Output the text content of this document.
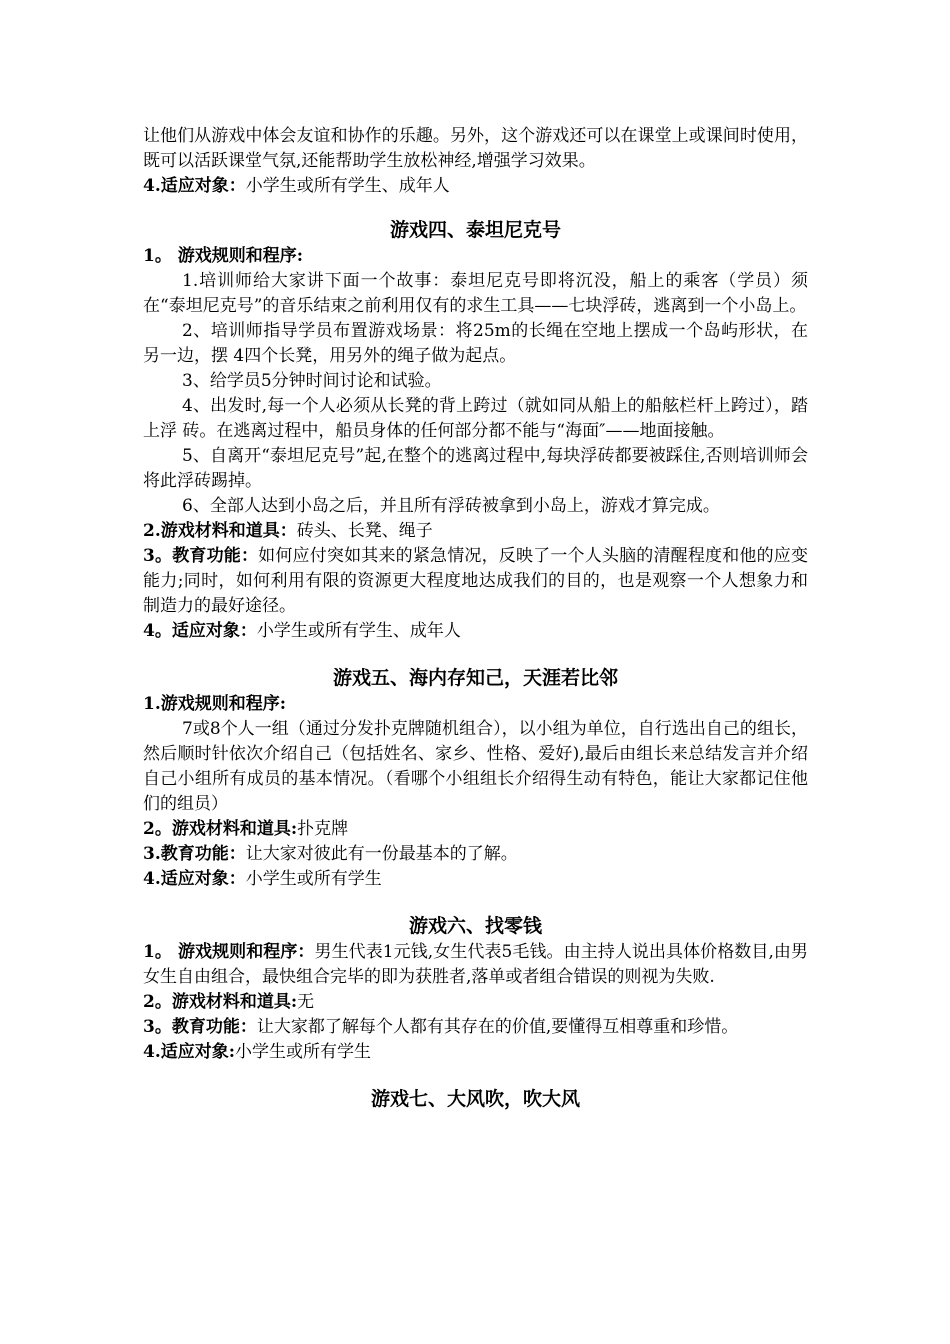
让他们从游戏中体会友谊和协作的乐趣。另外，这个游戏还可以在课堂上或课间时使用，既可以活跃课堂气氛,还能帮助学生放松神经,增强学习效果。

4.适应对象：小学生或所有学生、成年人

游戏四、泰坦尼克号

1。 游戏规则和程序:

1.培训师给大家讲下面一个故事：泰坦尼克号即将沉没，船上的乘客（学员）须在“泰坦尼克号”的音乐结束之前利用仅有的求生工具——七块浮砖，逃离到一个小岛上。

2、培训师指导学员布置游戏场景：将25m的长绳在空地上摆成一个岛屿形状，在另一边，摆 4四个长凳，用另外的绳子做为起点。

3、给学员5分钟时间讨论和试验。

4、出发时,每一个人必须从长凳的背上跨过（就如同从船上的船舷栏杆上跨过），踏上浮 砖。在逃离过程中，船员身体的任何部分都不能与“海面″——地面接触。

5、自离开“泰坦尼克号”起,在整个的逃离过程中,每块浮砖都要被踩住,否则培训师会将此浮砖踢掉。

6、全部人达到小岛之后，并且所有浮砖被拿到小岛上，游戏才算完成。

2.游戏材料和道具：砖头、长凳、绳子

3。教育功能：如何应付突如其来的紧急情况，反映了一个人头脑的清醒程度和他的应变能力;同时，如何利用有限的资源更大程度地达成我们的目的，也是观察一个人想象力和制造力的最好途径。

4。适应对象：小学生或所有学生、成年人

游戏五、海内存知己，天涯若比邻

1.游戏规则和程序:

7或8个人一组（通过分发扑克牌随机组合），以小组为单位，自行选出自己的组长，然后顺时针依次介绍自己（包括姓名、家乡、性格、爱好),最后由组长来总结发言并介绍自己小组所有成员的基本情况。（看哪个小组组长介绍得生动有特色，能让大家都记住他们的组员）

2。游戏材料和道具:扑克牌

3.教育功能：让大家对彼此有一份最基本的了解。

4.适应对象：小学生或所有学生

游戏六、找零钱

1。 游戏规则和程序：男生代表1元钱,女生代表5毛钱。由主持人说出具体价格数目,由男女生自由组合，最快组合完毕的即为获胜者,落单或者组合错误的则视为失败.

2。游戏材料和道具:无

3。教育功能：让大家都了解每个人都有其存在的价值,要懂得互相尊重和珍惜。

4.适应对象:小学生或所有学生

游戏七、大风吹，吹大风
